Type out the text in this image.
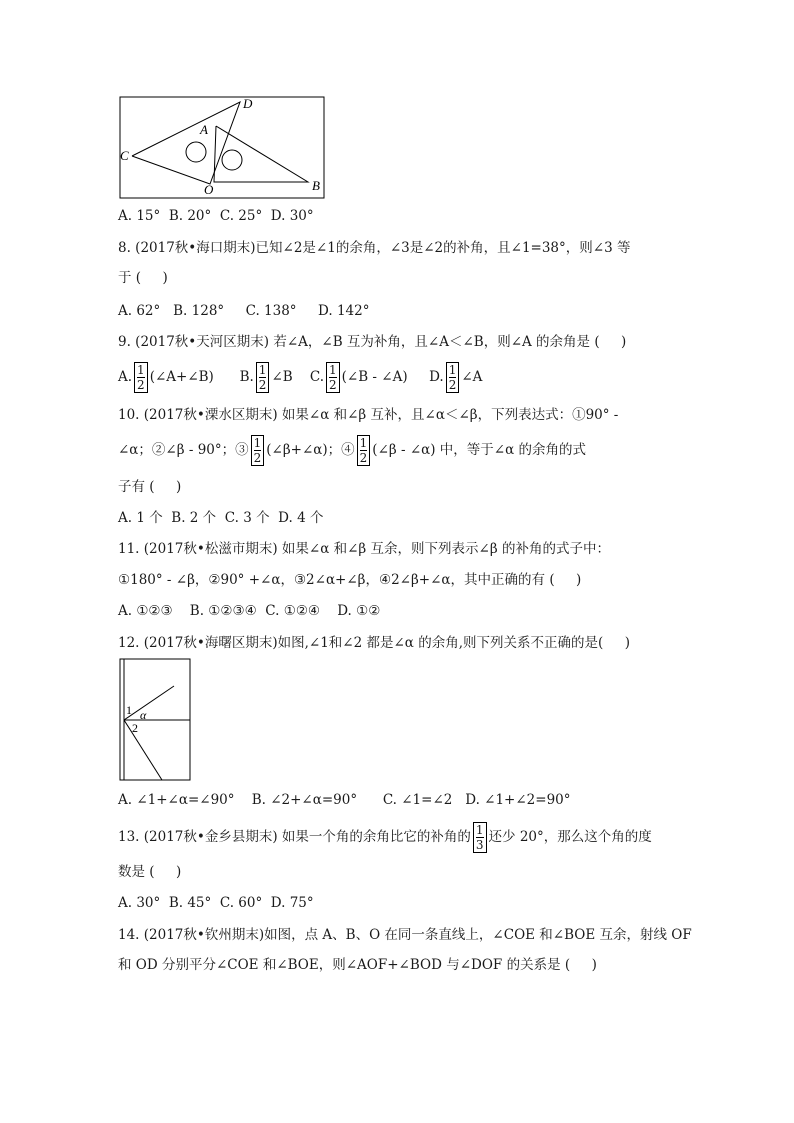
D
A
C
O	B
A. 15°  B. 20°  C. 25°  D. 30°
8. (2017秋•海口期末)已知∠2是∠1的余角，∠3是∠2的补角，且∠1=38°，则∠3 等
于 (     )
A. 62°   B. 128°     C. 138°     D. 142°
9. (2017秋•天河区期末) 若∠A，∠B 互为补角，且∠A＜∠B，则∠A 的余角是 (     )
A. $\frac{1}{2}$ (∠A+∠B) B. $\frac{1}{2}$ ∠B C. $\frac{1}{2}$ (∠B - ∠A) D. $\frac{1}{2}$ ∠A
10. (2017秋•溧水区期末) 如果∠α 和∠β 互补，且∠α＜∠β，下列表达式：①90° -
∠α；②∠β - 90°；③ $\frac{1}{2}$ (∠β+∠α)；④ $\frac{1}{2}$ (∠β - ∠α) 中，等于∠α 的余角的式
子有 (     )
A. 1 个  B. 2 个  C. 3 个  D. 4 个
11. (2017秋•松滋市期末) 如果∠α 和∠β 互余，则下列表示∠β 的补角的式子中：
①180° - ∠β，②90° +∠α，③2∠α+∠β，④2∠β+∠α，其中正确的有 (     )
A. ①②③    B. ①②③④  C. ①②④    D. ①②
12. (2017秋•海曙区期末)如图,∠1和∠2 都是∠α 的余角,则下列关系不正确的是(     )
1 α
2
A. ∠1+∠α=∠90°    B. ∠2+∠α=90°      C. ∠1=∠2   D. ∠1+∠2=90°
13. (2017秋•金乡县期末) 如果一个角的余角比它的补角的 $\frac{1}{3}$ 还少 20°，那么这个角的度
数是 (     )
A. 30°  B. 45°  C. 60°  D. 75°
14. (2017秋•钦州期末)如图，点 A、B、O 在同一条直线上，∠COE 和∠BOE 互余，射线 OF
和 OD 分别平分∠COE 和∠BOE，则∠AOF+∠BOD 与∠DOF 的关系是 (     )
